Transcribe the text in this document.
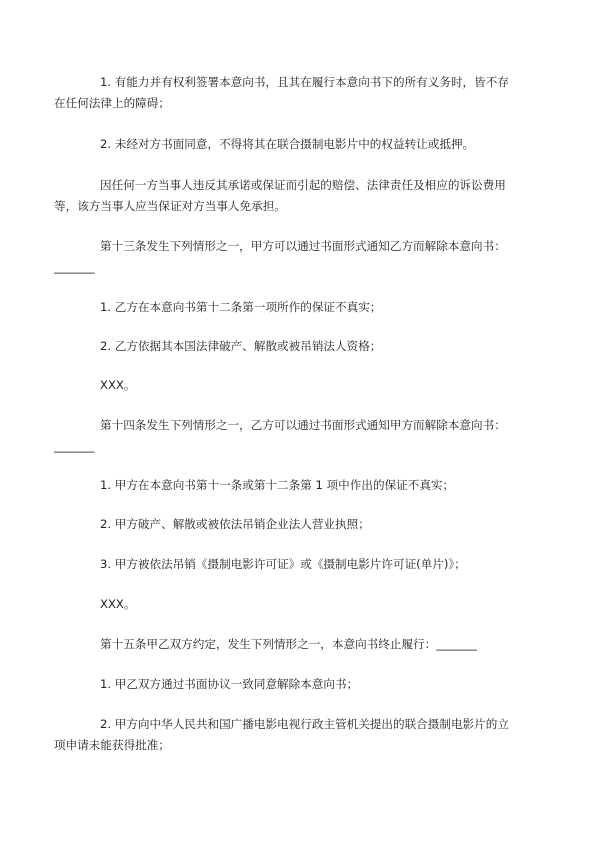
1. 有能力并有权利签署本意向书，且其在履行本意向书下的所有义务时，皆不存
在任何法律上的障碍；

2. 未经对方书面同意，不得将其在联合摄制电影片中的权益转让或抵押。

因任何一方当事人违反其承诺或保证而引起的赔偿、法律责任及相应的诉讼费用
等，该方当事人应当保证对方当事人免承担。

第十三条发生下列情形之一，甲方可以通过书面形式通知乙方而解除本意向书：
_______

1. 乙方在本意向书第十二条第一项所作的保证不真实；

2. 乙方依据其本国法律破产、解散或被吊销法人资格；

XXX。

第十四条发生下列情形之一，乙方可以通过书面形式通知甲方而解除本意向书：
_______

1. 甲方在本意向书第十一条或第十二条第 1 项中作出的保证不真实；

2. 甲方破产、解散或被依法吊销企业法人营业执照；

3. 甲方被依法吊销《摄制电影许可证》或《摄制电影片许可证(单片)》；

XXX。

第十五条甲乙双方约定，发生下列情形之一，本意向书终止履行：_______

1. 甲乙双方通过书面协议一致同意解除本意向书；

2. 甲方向中华人民共和国广播电影电视行政主管机关提出的联合摄制电影片的立
项申请未能获得批准；
